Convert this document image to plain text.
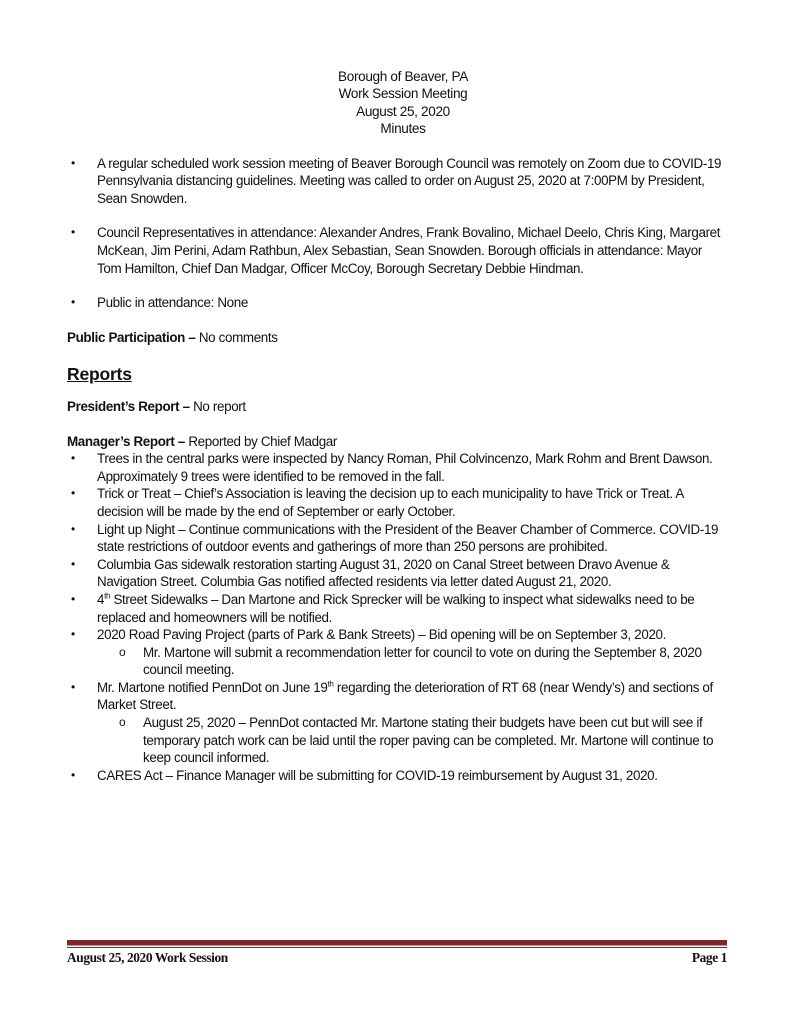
Borough of Beaver, PA
Work Session Meeting
August 25, 2020
Minutes
• A regular scheduled work session meeting of Beaver Borough Council was remotely on Zoom due to COVID-19 Pennsylvania distancing guidelines. Meeting was called to order on August 25, 2020 at 7:00PM by President, Sean Snowden.
• Council Representatives in attendance: Alexander Andres, Frank Bovalino, Michael Deelo, Chris King, Margaret McKean, Jim Perini, Adam Rathbun, Alex Sebastian, Sean Snowden. Borough officials in attendance: Mayor Tom Hamilton, Chief Dan Madgar, Officer McCoy, Borough Secretary Debbie Hindman.
• Public in attendance: None
Public Participation – No comments
Reports
President’s Report – No report
Manager’s Report – Reported by Chief Madgar
• Trees in the central parks were inspected by Nancy Roman, Phil Colvincenzo, Mark Rohm and Brent Dawson. Approximately 9 trees were identified to be removed in the fall.
• Trick or Treat – Chief’s Association is leaving the decision up to each municipality to have Trick or Treat. A decision will be made by the end of September or early October.
• Light up Night – Continue communications with the President of the Beaver Chamber of Commerce. COVID-19 state restrictions of outdoor events and gatherings of more than 250 persons are prohibited.
• Columbia Gas sidewalk restoration starting August 31, 2020 on Canal Street between Dravo Avenue & Navigation Street. Columbia Gas notified affected residents via letter dated August 21, 2020.
• 4th Street Sidewalks – Dan Martone and Rick Sprecker will be walking to inspect what sidewalks need to be replaced and homeowners will be notified.
• 2020 Road Paving Project (parts of Park & Bank Streets) – Bid opening will be on September 3, 2020.
o Mr. Martone will submit a recommendation letter for council to vote on during the September 8, 2020 council meeting.
• Mr. Martone notified PennDot on June 19th regarding the deterioration of RT 68 (near Wendy’s) and sections of Market Street.
o August 25, 2020 – PennDot contacted Mr. Martone stating their budgets have been cut but will see if temporary patch work can be laid until the roper paving can be completed. Mr. Martone will continue to keep council informed.
• CARES Act – Finance Manager will be submitting for COVID-19 reimbursement by August 31, 2020.
August 25, 2020 Work Session	Page 1
